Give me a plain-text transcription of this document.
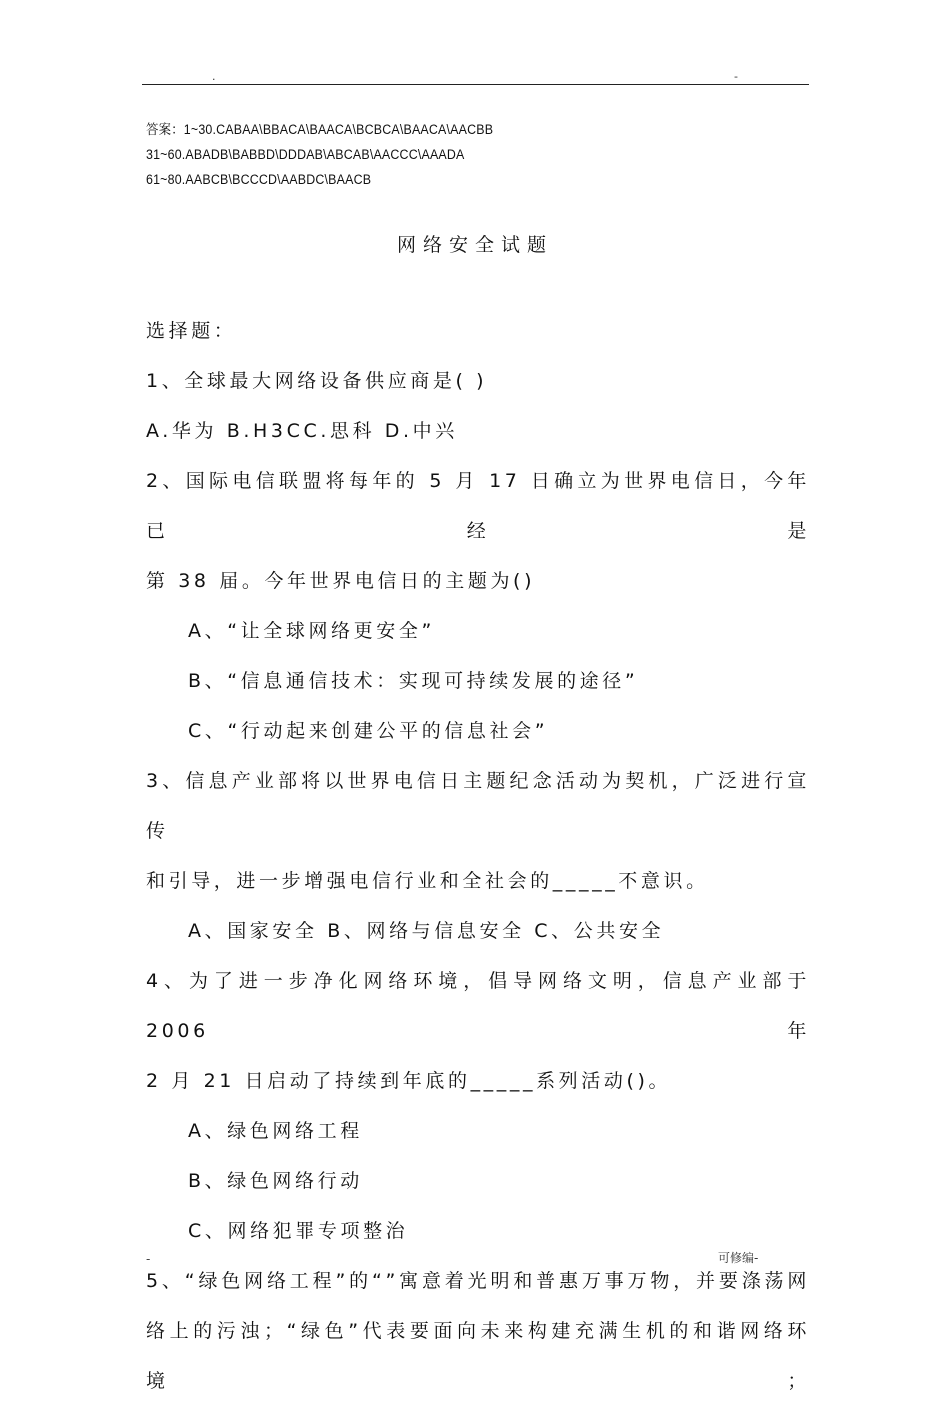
.	-
答案：1~30.CABAA\BBACA\BAACA\BCBCA\BAACA\AACBB
31~60.ABADB\BABBD\DDDAB\ABCAB\AACCC\AAADA
61~80.AABCB\BCCCD\AABDC\BAACB
网络安全试题

选择题：

1、全球最大网络设备供应商是( )

A.华为 B.H3CC.思科 D.中兴

2、国际电信联盟将每年的 5 月 17 日确立为世界电信日，今年已经是

第 38 届。今年世界电信日的主题为()

A、“让全球网络更安全”

B、“信息通信技术：实现可持续发展的途径”

C、“行动起来创建公平的信息社会”

3、信息产业部将以世界电信日主题纪念活动为契机，广泛进行宣传

和引导，进一步增强电信行业和全社会的_____不意识。

A、国家安全 B、网络与信息安全 C、公共安全

4、为了进一步净化网络环境，倡导网络文明，信息产业部于 2006 年

2 月 21 日启动了持续到年底的_____系列活动()。

A、绿色网络工程

B、绿色网络行动

C、网络犯罪专项整治

5、“绿色网络工程”的“”寓意着光明和普惠万事万物，并要涤荡网

络上的污浊；“绿色”代表要面向未来构建充满生机的和谐网络环境；

-	可修编-
